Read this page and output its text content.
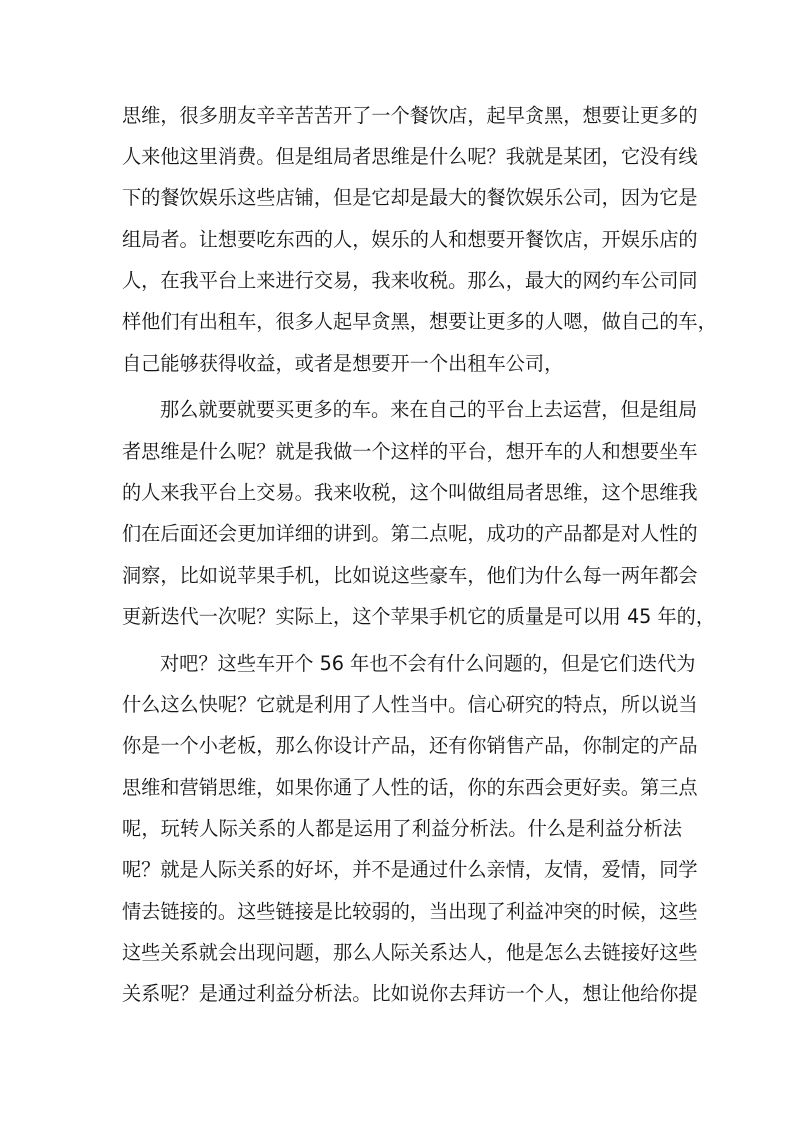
思维，很多朋友辛辛苦苦开了一个餐饮店，起早贪黑，想要让更多的
人来他这里消费。但是组局者思维是什么呢？我就是某团，它没有线
下的餐饮娱乐这些店铺，但是它却是最大的餐饮娱乐公司，因为它是
组局者。让想要吃东西的人，娱乐的人和想要开餐饮店，开娱乐店的
人，在我平台上来进行交易，我来收税。那么，最大的网约车公司同
样他们有出租车，很多人起早贪黑，想要让更多的人嗯，做自己的车，
自己能够获得收益，或者是想要开一个出租车公司，
那么就要就要买更多的车。来在自己的平台上去运营，但是组局
者思维是什么呢？就是我做一个这样的平台，想开车的人和想要坐车
的人来我平台上交易。我来收税，这个叫做组局者思维，这个思维我
们在后面还会更加详细的讲到。第二点呢，成功的产品都是对人性的
洞察，比如说苹果手机，比如说这些豪车，他们为什么每一两年都会
更新迭代一次呢？实际上，这个苹果手机它的质量是可以用 45 年的，
对吧？这些车开个 56 年也不会有什么问题的，但是它们迭代为
什么这么快呢？它就是利用了人性当中。信心研究的特点，所以说当
你是一个小老板，那么你设计产品，还有你销售产品，你制定的产品
思维和营销思维，如果你通了人性的话，你的东西会更好卖。第三点
呢，玩转人际关系的人都是运用了利益分析法。什么是利益分析法
呢？就是人际关系的好坏，并不是通过什么亲情，友情，爱情，同学
情去链接的。这些链接是比较弱的，当出现了利益冲突的时候，这些
这些关系就会出现问题，那么人际关系达人，他是怎么去链接好这些
关系呢？是通过利益分析法。比如说你去拜访一个人，想让他给你提
